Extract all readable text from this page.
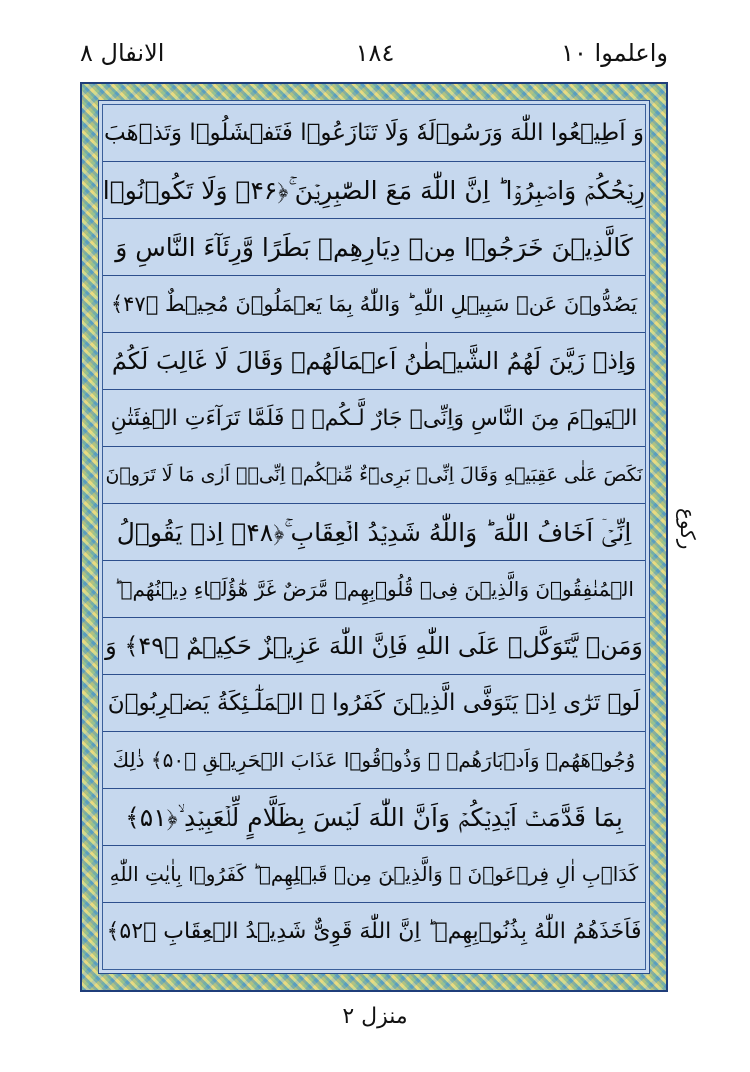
واعلموا ١٠
١٨٤
الانفال ٨
وَ اَطِيۡعُوا اللّٰهَ وَرَسُوۡلَهٗ وَلَا تَنَازَعُوۡا فَتَفۡشَلُوۡا وَتَذۡهَبَ
رِيۡحُكُمۡ وَاصۡبِرُوۡا ؕ اِنَّ اللّٰهَ مَعَ الصّٰبِرِيۡنَ ۚ﴿۴۶﴾ وَلَا تَكُوۡنُوۡا
كَالَّذِيۡنَ خَرَجُوۡا مِنۡ دِيَارِهِمۡ بَطَرًا وَّرِئَآءَ النَّاسِ وَ
يَصُدُّوۡنَ عَنۡ سَبِيۡلِ اللّٰهِ ؕ وَاللّٰهُ بِمَا يَعۡمَلُوۡنَ مُحِيۡطٌ ﴿۴۷﴾
وَاِذۡ زَيَّنَ لَهُمُ الشَّيۡطٰنُ اَعۡمَالَهُمۡ وَقَالَ لَا غَالِبَ لَكُمُ
الۡيَوۡمَ مِنَ النَّاسِ وَاِنِّىۡ جَارٌ لَّـكُمۡ ۚ فَلَمَّا تَرَآءَتِ الۡفِئَتٰنِ
نَكَصَ عَلٰى عَقِبَيۡهِ وَقَالَ اِنِّىۡ بَرِىۡٓءٌ مِّنۡكُمۡ اِنِّىۡۤ اَرٰى مَا لَا تَرَوۡنَ
اِنِّىۡۤ اَخَافُ اللّٰهَ ؕ وَاللّٰهُ شَدِيۡدُ الۡعِقَابِ ۚ﴿۴۸﴾ اِذۡ يَقُوۡلُ
الۡمُنٰفِقُوۡنَ وَالَّذِيۡنَ فِىۡ قُلُوۡبِهِمۡ مَّرَضٌ غَرَّ هٰٓؤُلَۤاءِ دِيۡنُهُمۡ ؕ
وَمَنۡ يَّتَوَكَّلۡ عَلَى اللّٰهِ فَاِنَّ اللّٰهَ عَزِيۡزٌ حَكِيۡمٌ ﴿۴۹﴾ وَ
لَوۡ تَرٰٓى اِذۡ يَتَوَفَّى الَّذِيۡنَ كَفَرُوا ۙ الۡمَلٰٓـئِكَةُ يَضۡرِبُوۡنَ
وُجُوۡهَهُمۡ وَاَدۡبَارَهُمۡ ۚ وَذُوۡقُوۡا عَذَابَ الۡحَرِيۡقِ ﴿۵۰﴾ ذٰلِكَ
بِمَا قَدَّمَتۡ اَيۡدِيۡكُمۡ وَاَنَّ اللّٰهَ لَيۡسَ بِظَلَّامٍ لِّلۡعَبِيۡدِ ۙ﴿۵۱﴾
كَدَاۡبِ اٰلِ فِرۡعَوۡنَ ۙ وَالَّذِيۡنَ مِنۡ قَبۡلِهِمۡ ؕ كَفَرُوۡا بِاٰيٰتِ اللّٰهِ
فَاَخَذَهُمُ اللّٰهُ بِذُنُوۡبِهِمۡ ؕ اِنَّ اللّٰهَ قَوِىٌّ شَدِيۡدُ الۡعِقَابِ ﴿۵۲﴾
رکوع
منزل ٢
